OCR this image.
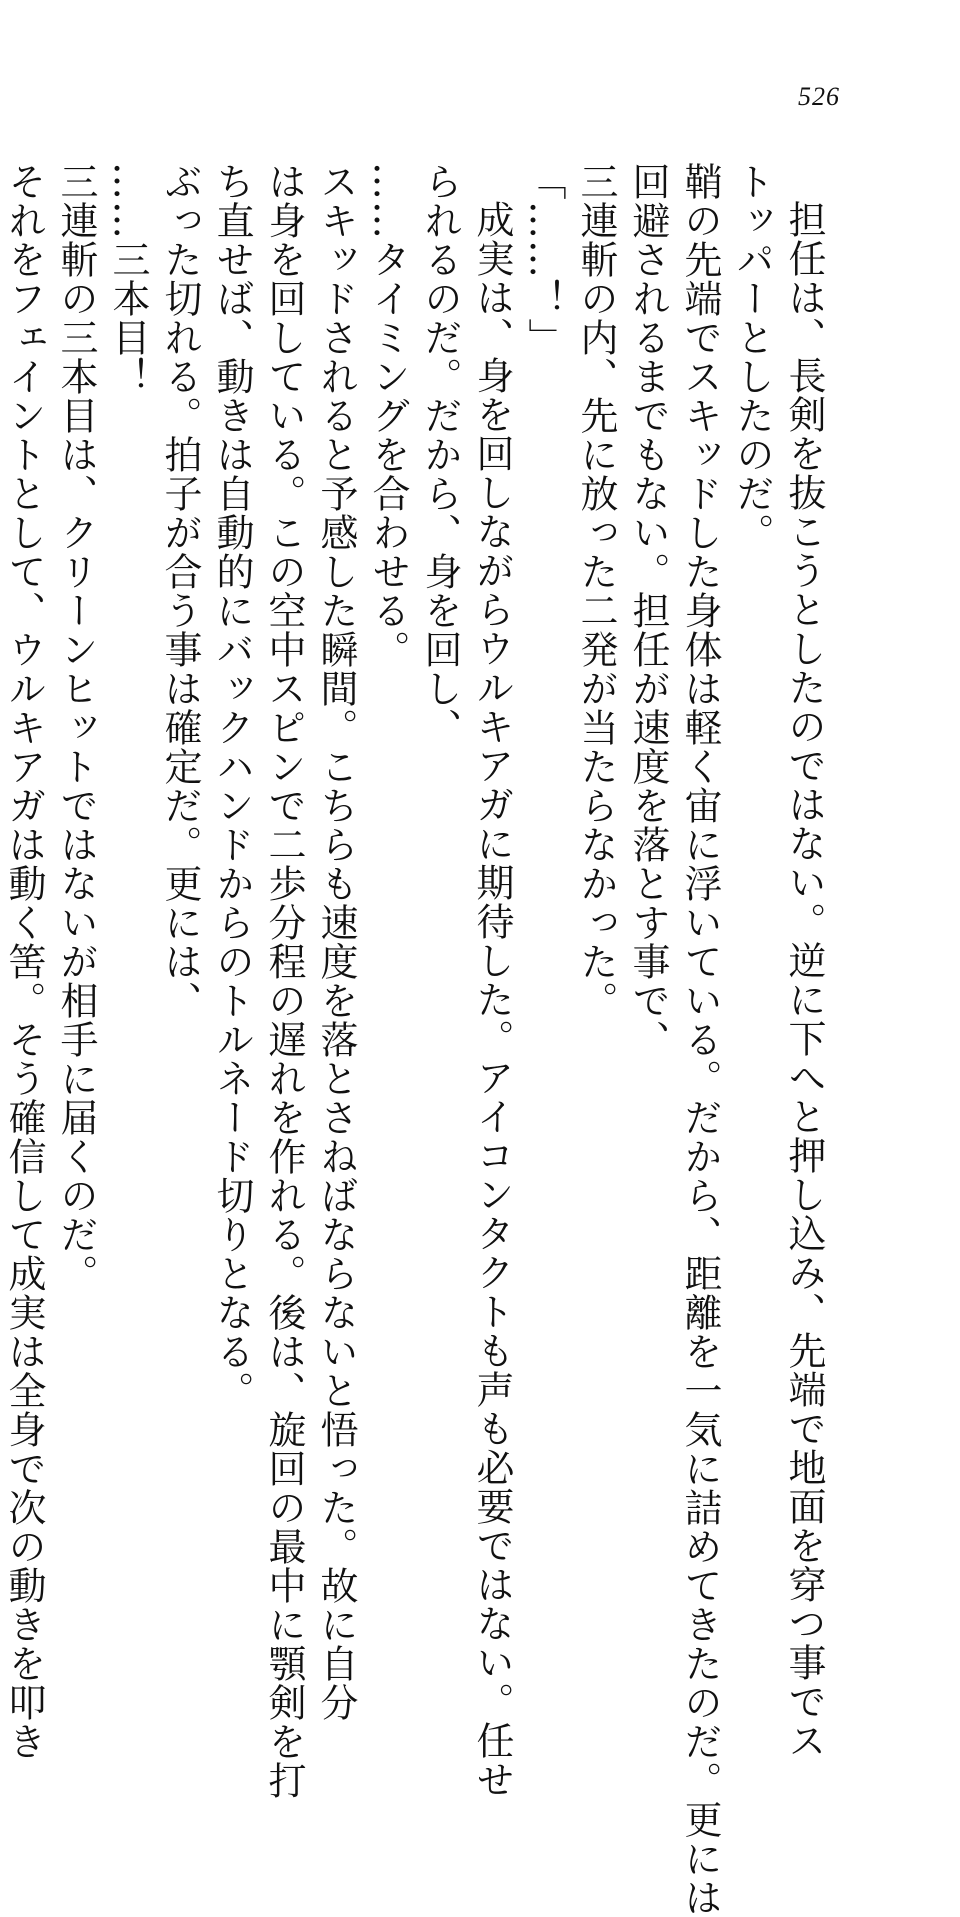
526
担任は、長剣を抜こうとしたのではない。逆に下へと押し込み、先端で地面を穿つ事でス
トッパーとしたのだ。
鞘の先端でスキッドした身体は軽く宙に浮いている。だから、距離を一気に詰めてきたのだ。更には
回避されるまでもない。担任が速度を落とす事で、
三連斬の内、先に放った二発が当たらなかった。
「……！」
成実は、身を回しながらウルキアガに期待した。アイコンタクトも声も必要ではない。任せ
られるのだ。だから、身を回し、
……タイミングを合わせる。
スキッドされると予感した瞬間。こちらも速度を落とさねばならないと悟った。故に自分
は身を回している。この空中スピンで二歩分程の遅れを作れる。後は、旋回の最中に顎剣を打
ち直せば、動きは自動的にバックハンドからのトルネード切りとなる。
ぶった切れる。拍子が合う事は確定だ。更には、
……三本目！
三連斬の三本目は、クリーンヒットではないが相手に届くのだ。
それをフェイントとして、ウルキアガは動く筈。そう確信して成実は全身で次の動きを叩き
